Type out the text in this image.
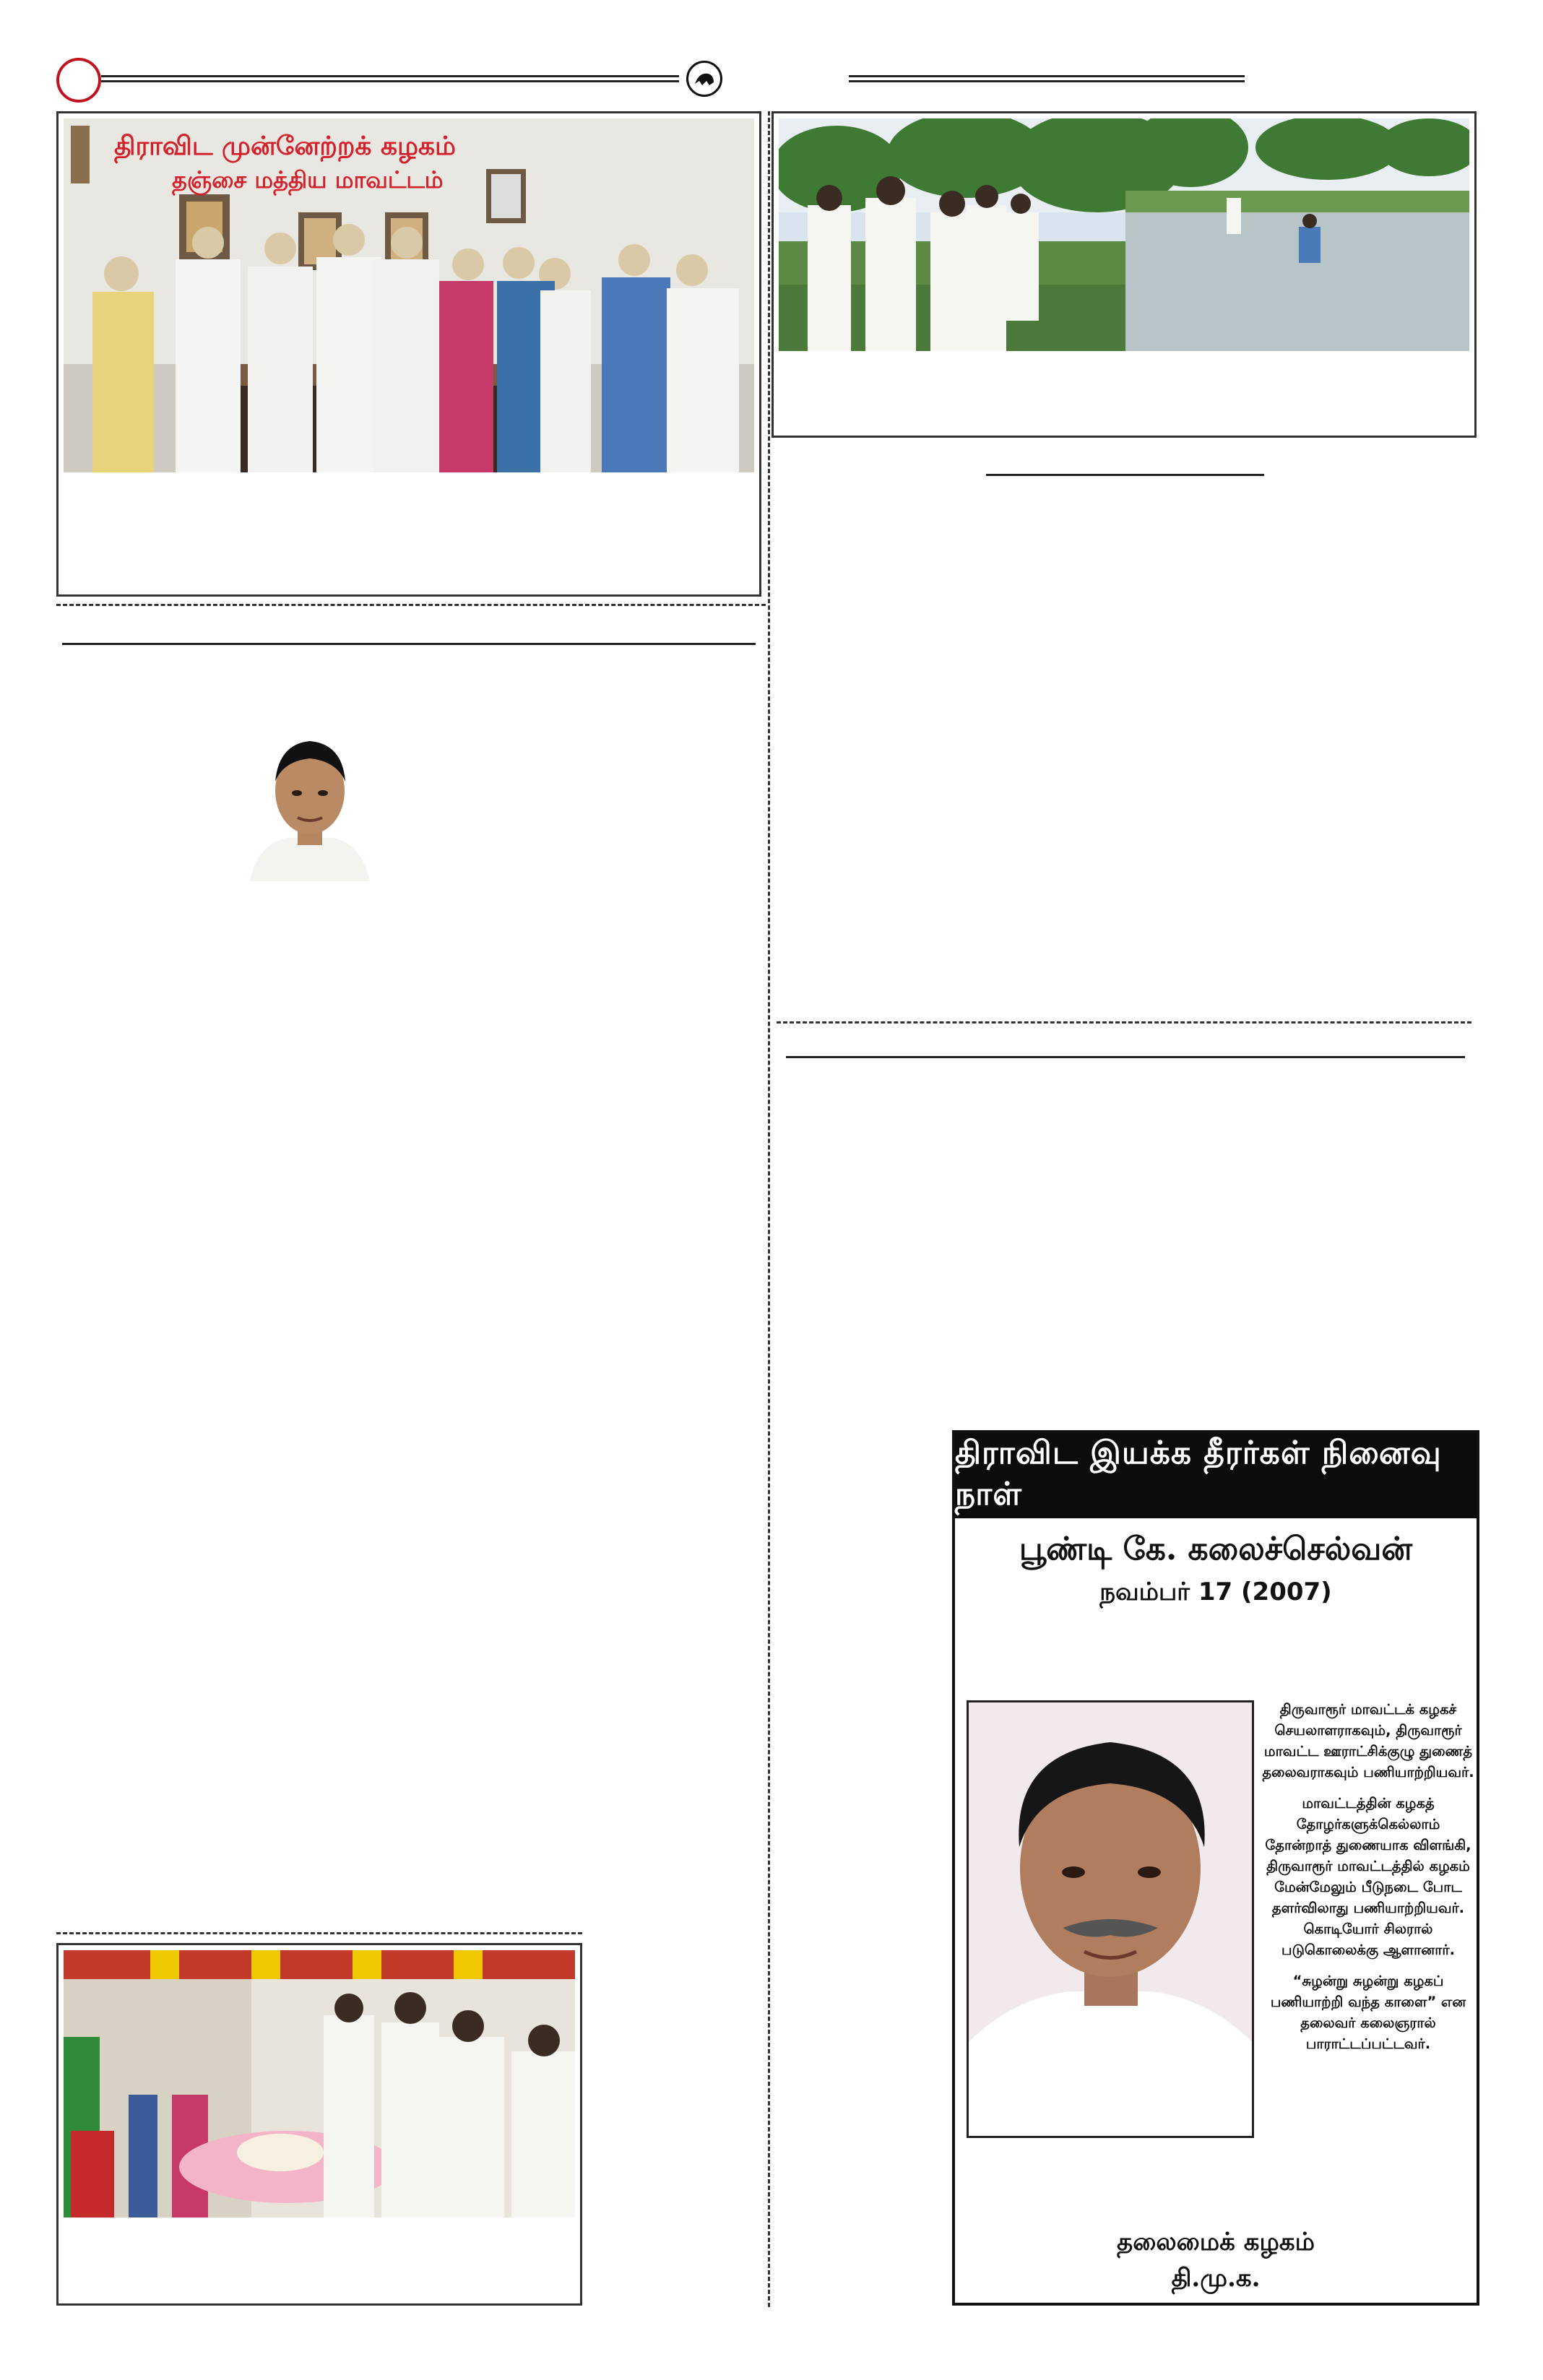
திராவிட முன்னேற்றக் கழகம்
தஞ்சை மத்திய மாவட்டம்
திராவிட இயக்க தீரர்கள் நினைவு நாள்
பூண்டி கே. கலைச்செல்வன்
நவம்பர் 17 (2007)

திருவாரூர் மாவட்டக் கழகச் செயலாளராகவும், திருவாரூர் மாவட்ட ஊராட்சிக்குழு துணைத் தலைவராகவும் பணியாற்றியவர்.

மாவட்டத்தின் கழகத் தோழர்களுக்கெல்லாம் தோன்றாத் துணையாக விளங்கி, திருவாரூர் மாவட்டத்தில் கழகம் மேன்மேலும் பீடுநடை போட தளர்விலாது பணியாற்றியவர். கொடியோர் சிலரால் படுகொலைக்கு ஆளானார்.

“சுழன்று சுழன்று கழகப் பணியாற்றி வந்த காளை” என தலைவர் கலைஞரால் பாராட்டப்பட்டவர்.

தலைமைக் கழகம்
தி.மு.க.
